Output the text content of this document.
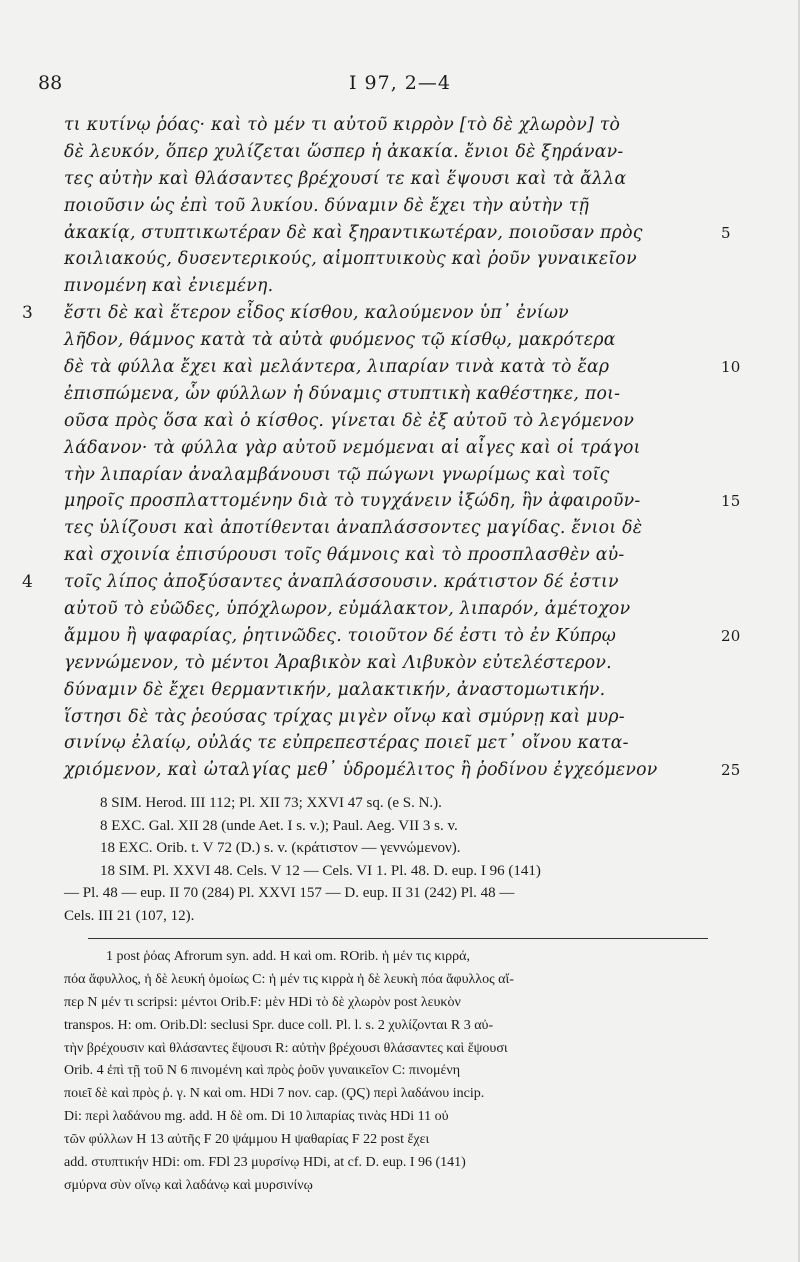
88	I 97, 2—4
τι κυτίνῳ ῥόας· καὶ τὸ μέν τι αὐτοῦ κιρρὸν [τὸ δὲ χλωρὸν] τὸ
δὲ λευκόν, ὅπερ χυλίζεται ὥσπερ ἡ ἀκακία. ἔνιοι δὲ ξηράναν-
τες αὐτὴν καὶ θλάσαντες βρέχουσί τε καὶ ἕψουσι καὶ τὰ ἄλλα
ποιοῦσιν ὡς ἐπὶ τοῦ λυκίου. δύναμιν δὲ ἔχει τὴν αὐτὴν τῇ
ἀκακίᾳ, στυπτικωτέραν δὲ καὶ ξηραντικωτέραν, ποιοῦσαν πρὸς	5
κοιλιακούς, δυσεντερικούς, αἱμοπτυικοὺς καὶ ῥοῦν γυναικεῖον
πινομένη καὶ ἐνιεμένη.
ἔστι δὲ καὶ ἕτερον εἶδος κίσθου, καλούμενον ὑπ᾽ ἐνίων
3
λῆδον, θάμνος κατὰ τὰ αὐτὰ φυόμενος τῷ κίσθῳ, μακρότερα
δὲ τὰ φύλλα ἔχει καὶ μελάντερα, λιπαρίαν τινὰ κατὰ τὸ ἔαρ	10
ἐπισπώμενα, ὧν φύλλων ἡ δύναμις στυπτικὴ καθέστηκε, ποι-
οῦσα πρὸς ὅσα καὶ ὁ κίσθος. γίνεται δὲ ἐξ αὐτοῦ τὸ λεγόμενον
λάδανον· τὰ φύλλα γὰρ αὐτοῦ νεμόμεναι αἱ αἶγες καὶ οἱ τράγοι
τὴν λιπαρίαν ἀναλαμβάνουσι τῷ πώγωνι γνωρίμως καὶ τοῖς
μηροῖς προσπλαττομένην διὰ τὸ τυγχάνειν ἰξώδη, ἣν ἀφαιροῦν-	15
τες ὑλίζουσι καὶ ἀποτίθενται ἀναπλάσσοντες μαγίδας. ἔνιοι δὲ
καὶ σχοινία ἐπισύρουσι τοῖς θάμνοις καὶ τὸ προσπλασθὲν αὐ-
τοῖς λίπος ἀποξύσαντες ἀναπλάσσουσιν. κράτιστον δέ ἐστιν
4
αὐτοῦ τὸ εὐῶδες, ὑπόχλωρον, εὐμάλακτον, λιπαρόν, ἀμέτοχον
ἄμμου ἢ ψαφαρίας, ῥητινῶδες. τοιοῦτον δέ ἐστι τὸ ἐν Κύπρῳ	20
γεννώμενον, τὸ μέντοι Ἀραβικὸν καὶ Λιβυκὸν εὐτελέστερον.
δύναμιν δὲ ἔχει θερμαντικήν, μαλακτικήν, ἀναστομωτικήν.
ἵστησι δὲ τὰς ῥεούσας τρίχας μιγὲν οἴνῳ καὶ σμύρνῃ καὶ μυρ-
σινίνῳ ἐλαίῳ, οὐλάς τε εὐπρεπεστέρας ποιεῖ μετ᾽ οἴνου κατα-
χριόμενον, καὶ ὠταλγίας μεθ᾽ ὑδρομέλιτος ἢ ῥοδίνου ἐγχεόμενον	25
8 SIM. Herod. III 112; Pl. XII 73; XXVI 47 sq. (e S. N.).
8 EXC. Gal. XII 28 (unde Aet. I s. v.); Paul. Aeg. VII 3 s. v.
18 EXC. Orib. t. V 72 (D.) s. v. (κράτιστον — γεννώμενον).
18 SIM. Pl. XXVI 48. Cels. V 12 — Cels. VI 1. Pl. 48. D. eup. I 96 (141)
— Pl. 48 — eup. II 70 (284) Pl. XXVI 157 — D. eup. II 31 (242) Pl. 48 —
Cels. III 21 (107, 12).
1 post ῥόας Afrorum syn. add. H καὶ om. ROrib. ἡ μέν τις κιρρά,
πόα ἄφυλλος, ἡ δὲ λευκή ὁμοίως C: ἡ μέν τις κιρρὰ ἡ δὲ λευκὴ πόα ἄφυλλος αἴ-
περ N μέν τι scripsi: μέντοι Orib.F: μὲν HDi τὸ δὲ χλωρὸν post λευκὸν
transpos. H: om. Orib.Dl: seclusi Spr. duce coll. Pl. l. s. 2 χυλίζονται R 3 αὐ-
τὴν βρέχουσιν καὶ θλάσαντες ἕψουσι R: αὐτὴν βρέχουσι θλάσαντες καὶ ἕψουσι
Orib. 4 ἐπὶ τῇ τοῦ N 6 πινομένη καὶ πρὸς ῥοῦν γυναικεῖον C: πινομένη
ποιεῖ δὲ καὶ πρὸς ῥ. γ. N καὶ om. HDi 7 nov. cap. (ϘϚ) περὶ λαδάνου incip.
Di: περὶ λαδάνου mg. add. H δὲ om. Di 10 λιπαρίας τινὰς HDi 11 οὐ
τῶν φύλλων H 13 αὐτῆς F 20 ψάμμου H ψαθαρίας F 22 post ἔχει
add. στυπτικήν HDi: om. FDl 23 μυρσίνῳ HDi, at cf. D. eup. I 96 (141)
σμύρνα σὺν οἴνῳ καὶ λαδάνῳ καὶ μυρσινίνῳ
